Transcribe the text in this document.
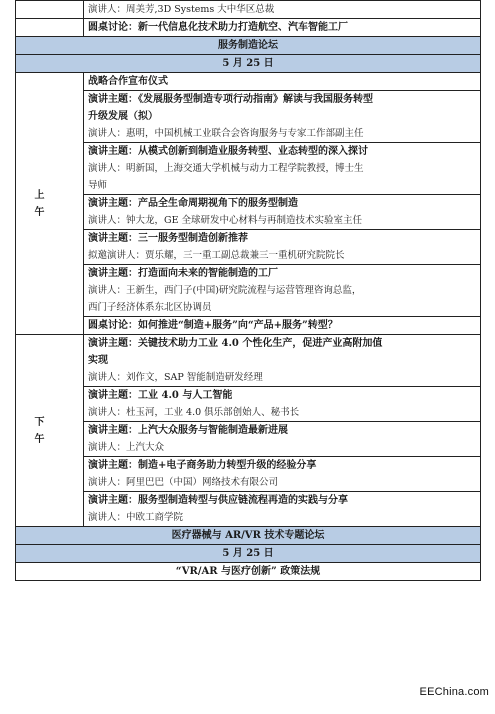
	演讲人：周美芳,3D Systems 大中华区总裁
	圆桌讨论：新一代信息化技术助力打造航空、汽车智能工厂
服务制造论坛	
5 月 25 日	
上午	战略合作宣布仪式

	演讲主题：《发展服务型制造专项行动指南》解读与我国服务转型
升级发展（拟）
演讲人：惠明，中国机械工业联合会咨询服务与专家工作部副主任

	演讲主题：从模式创新到制造业服务转型、业态转型的深入探讨
演讲人：明新国，上海交通大学机械与动力工程学院教授，博士生
导师

	演讲主题：产品全生命周期视角下的服务型制造
演讲人：钟大龙，GE 全球研发中心材料与再制造技术实验室主任

	演讲主题：三一服务型制造创新推荐
拟邀演讲人：贾乐耀，三一重工副总裁兼三一重机研究院院长

	演讲主题：打造面向未来的智能制造的工厂
演讲人：王新生，西门子(中国)研究院流程与运营管理咨询总监，
西门子经济体系东北区协调员

	圆桌讨论：如何推进“制造+服务”向“产品+服务”转型？
下午	演讲主题：关键技术助力工业 4.0 个性化生产，促进产业高附加值
实现
演讲人：刘作文，SAP 智能制造研发经理

	演讲主题：工业 4.0 与人工智能
演讲人：杜玉河，工业 4.0 俱乐部创始人、秘书长

	演讲主题：上汽大众服务与智能制造最新进展
演讲人：上汽大众

	演讲主题：制造+电子商务助力转型升级的经验分享
演讲人：阿里巴巴（中国）网络技术有限公司

	演讲主题：服务型制造转型与供应链流程再造的实践与分享
演讲人：中欧工商学院

医疗器械与 AR/VR 技术专题论坛	
5 月 25 日	
“VR/AR 与医疗创新” 政策法规	
EEChina.com
